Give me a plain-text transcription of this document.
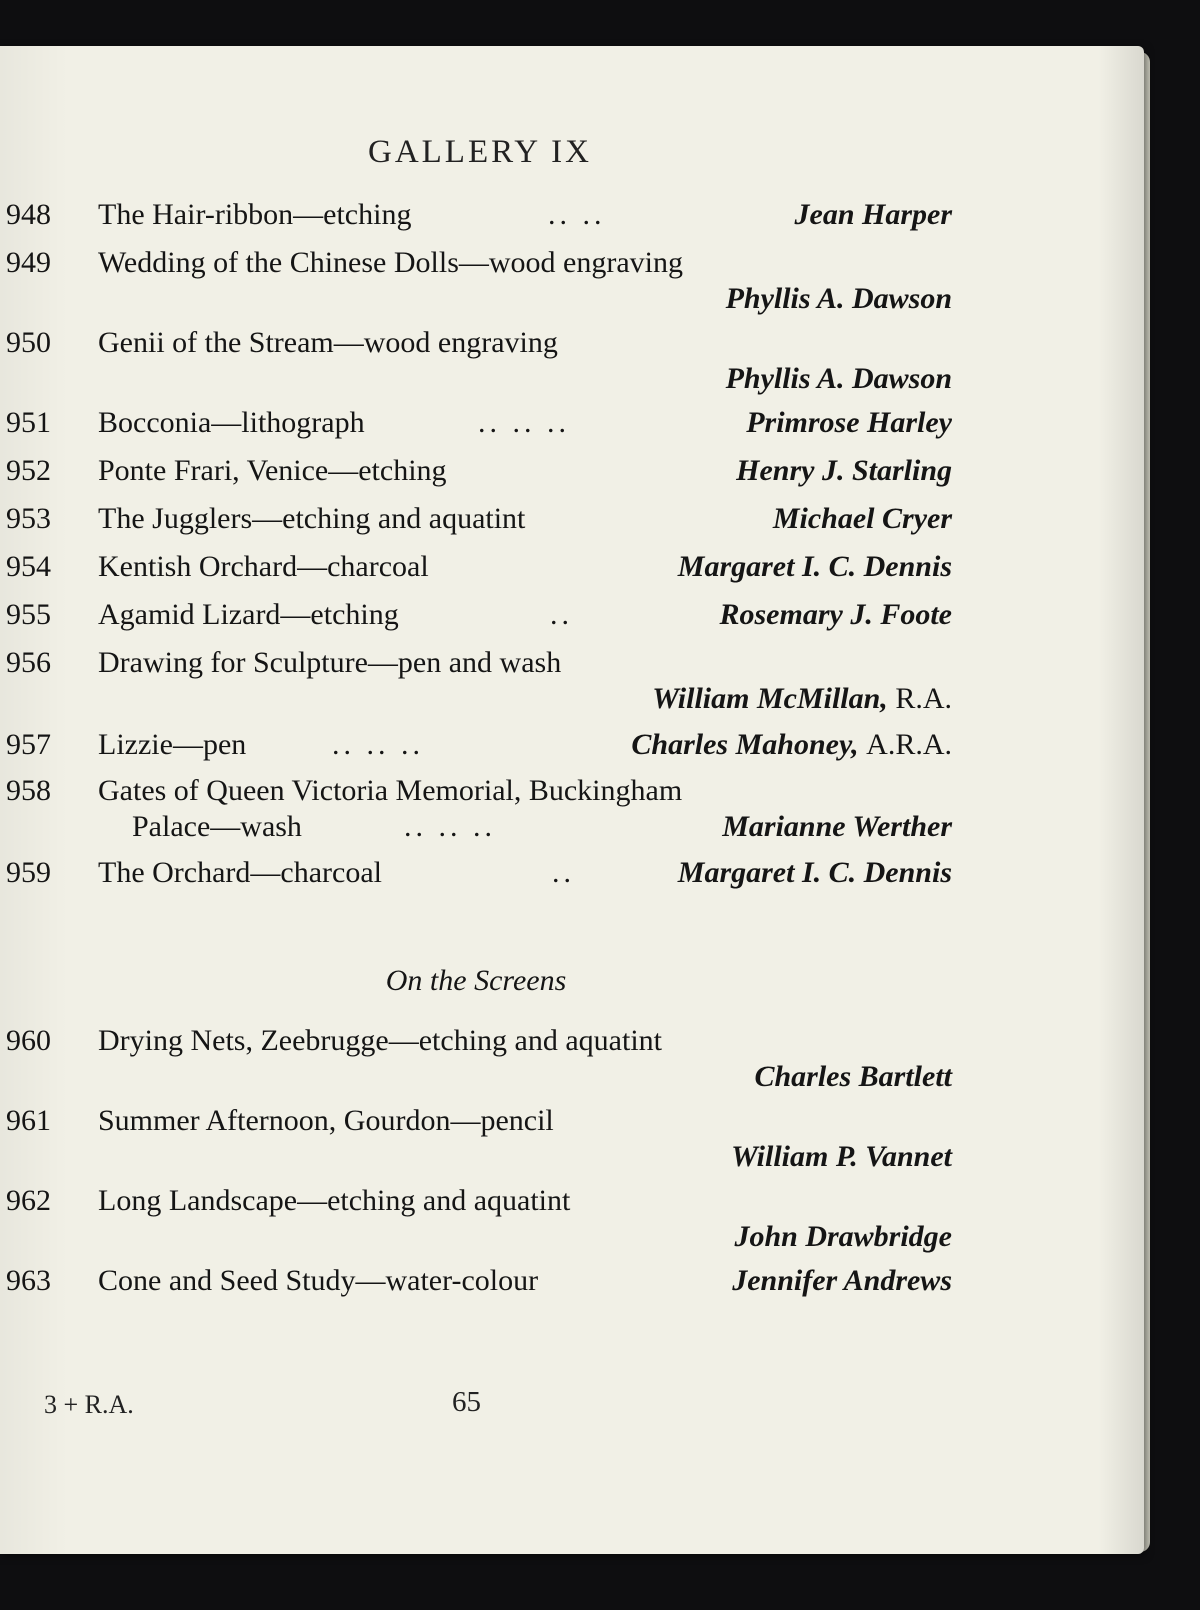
GALLERY IX
948 The Hair-ribbon—etching	.. ..	Jean Harper
949 Wedding of the Chinese Dolls—wood engraving
Phyllis A. Dawson
950 Genii of the Stream—wood engraving
Phyllis A. Dawson
951 Bocconia—lithograph	.. .. ..	Primrose Harley
952 Ponte Frari, Venice—etching	Henry J. Starling
953 The Jugglers—etching and aquatint	Michael Cryer
954 Kentish Orchard—charcoal	Margaret I. C. Dennis
955 Agamid Lizard—etching	..	Rosemary J. Foote
956 Drawing for Sculpture—pen and wash
William McMillan, R.A.
957 Lizzie—pen	.. .. ..	Charles Mahoney, A.R.A.
958 Gates of Queen Victoria Memorial, Buckingham
Palace—wash	.. .. ..	Marianne Werther
959 The Orchard—charcoal	..	Margaret I. C. Dennis
On the Screens
960 Drying Nets, Zeebrugge—etching and aquatint
Charles Bartlett
961 Summer Afternoon, Gourdon—pencil
William P. Vannet
962 Long Landscape—etching and aquatint
John Drawbridge
963 Cone and Seed Study—water-colour	Jennifer Andrews
3 + R.A.	65
